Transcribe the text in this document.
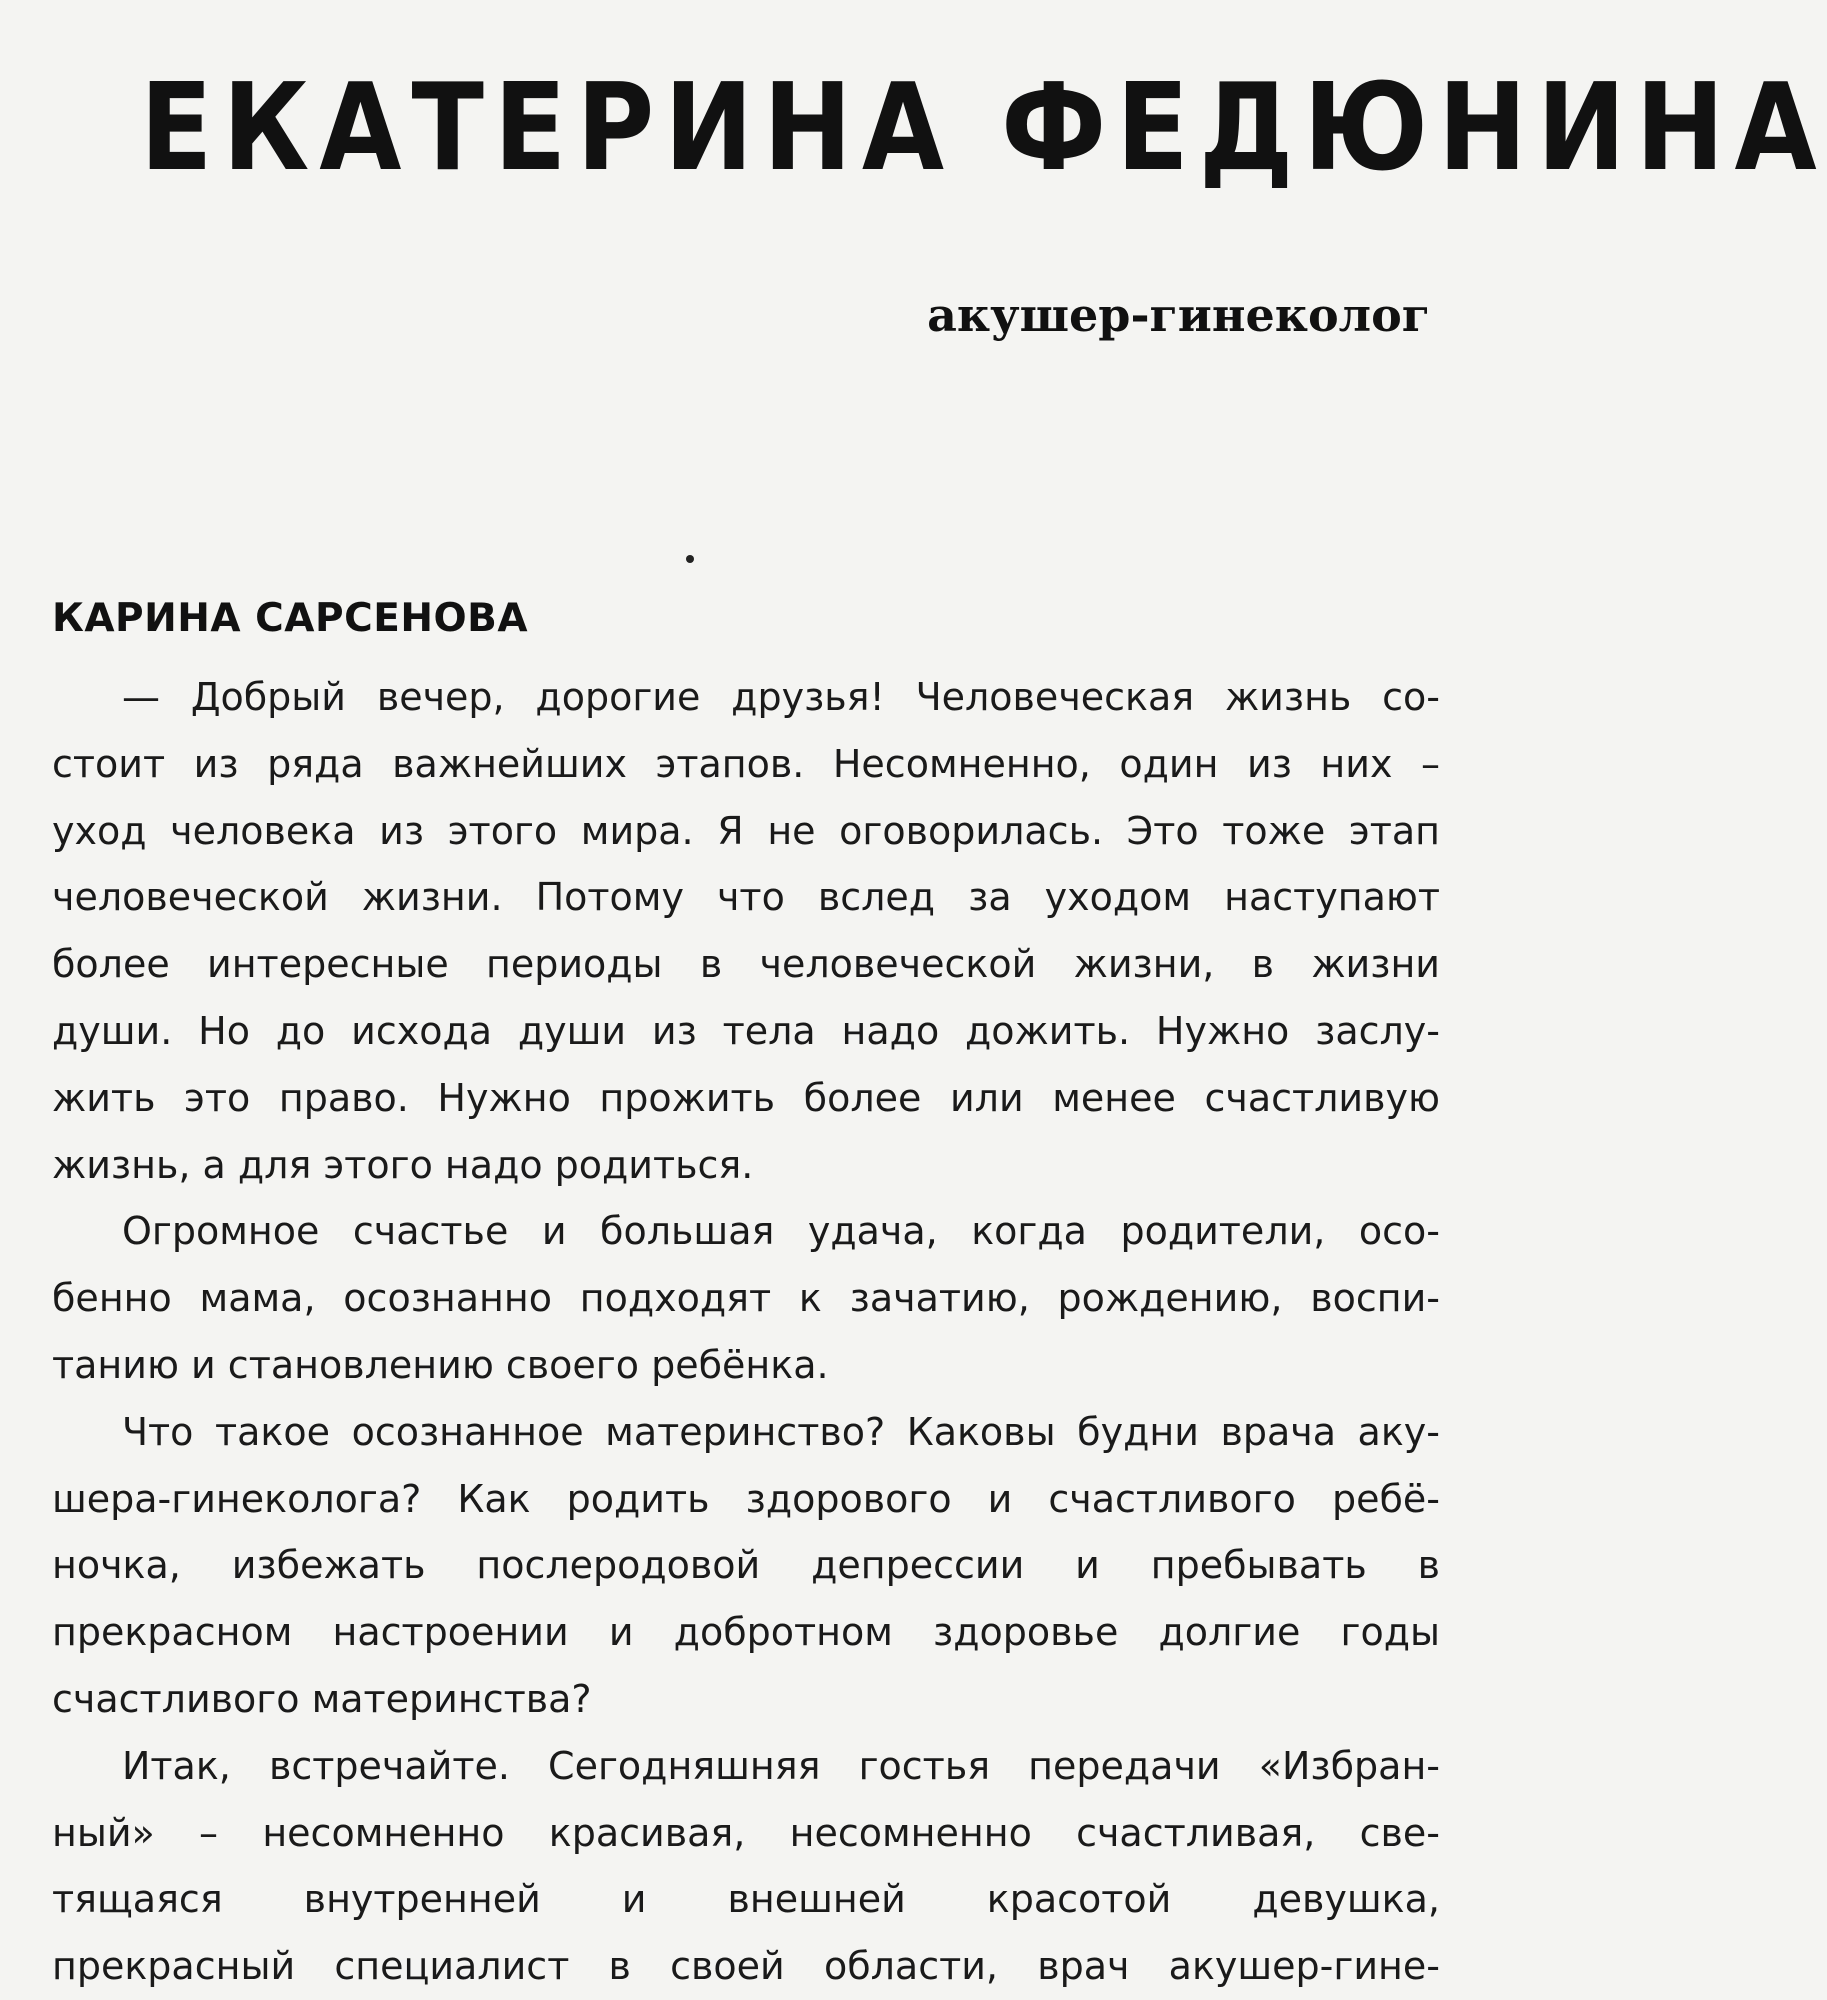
ЕКАТЕРИНА ФЕДЮНИНА
акушер-гинеколог
КАРИНА САРСЕНОВА
— Добрый вечер, дорогие друзья! Человеческая жизнь со-
стоит из ряда важнейших этапов. Несомненно, один из них –
уход человека из этого мира. Я не оговорилась. Это тоже этап
человеческой жизни. Потому что вслед за уходом наступают
более интересные периоды в человеческой жизни, в жизни
души. Но до исхода души из тела надо дожить. Нужно заслу-
жить это право. Нужно прожить более или менее счастливую
жизнь, а для этого надо родиться.
Огромное счастье и большая удача, когда родители, осо-
бенно мама, осознанно подходят к зачатию, рождению, воспи-
танию и становлению своего ребёнка.
Что такое осознанное материнство? Каковы будни врача аку-
шера-гинеколога? Как родить здорового и счастливого ребё-
ночка, избежать послеродовой депрессии и пребывать в
прекрасном настроении и добротном здоровье долгие годы
счастливого материнства?
Итак, встречайте. Сегодняшняя гостья передачи «Избран-
ный» – несомненно красивая, несомненно счастливая, све-
тящаяся внутренней и внешней красотой девушка,
прекрасный специалист в своей области, врач акушер-гине-
